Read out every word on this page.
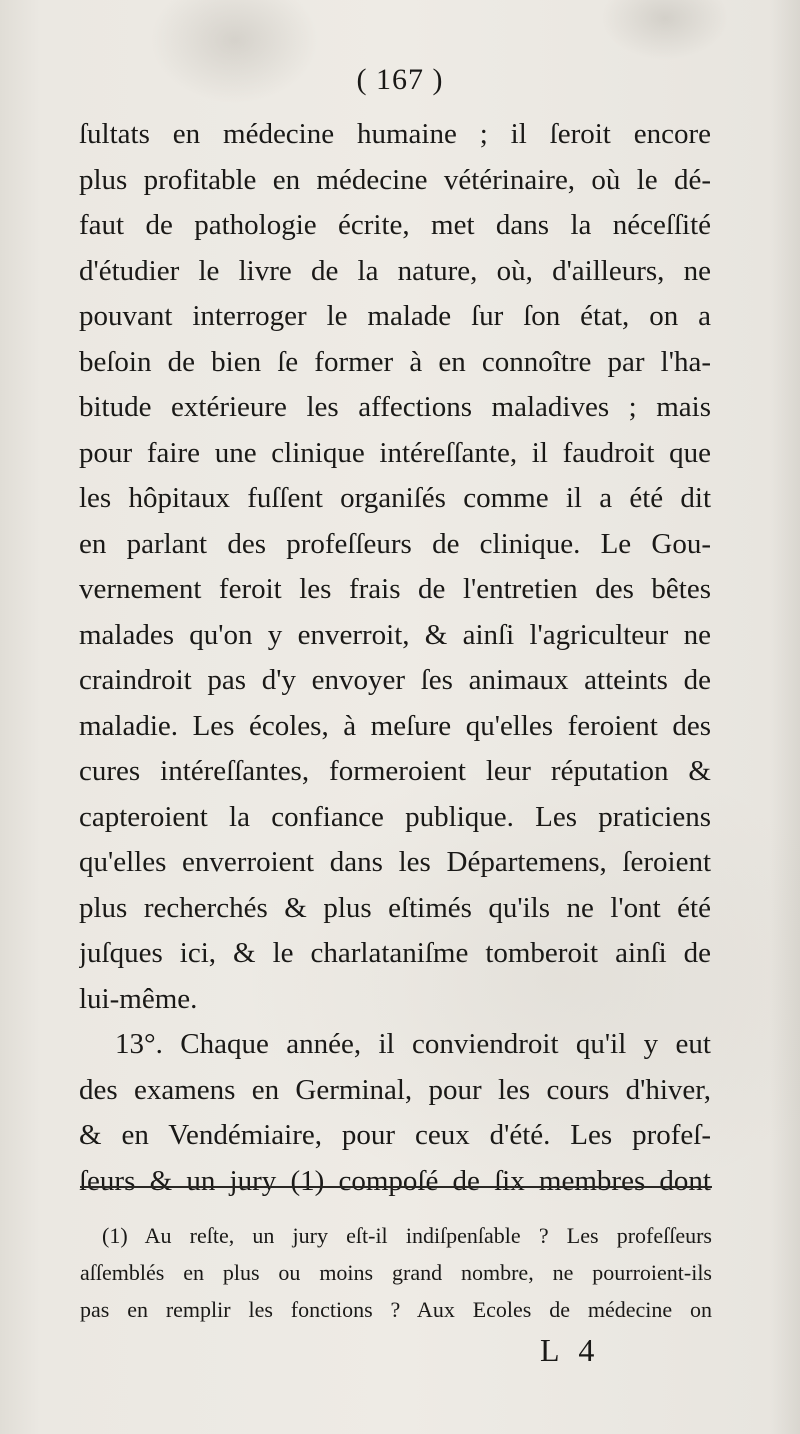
( 167 )
ſultats en médecine humaine ; il ſeroit encore
plus profitable en médecine vétérinaire, où le dé-
faut de pathologie écrite, met dans la néceſſité
d'étudier le livre de la nature, où, d'ailleurs, ne
pouvant interroger le malade ſur ſon état, on a
beſoin de bien ſe former à en connoître par l'ha-
bitude extérieure les affections maladives ; mais
pour faire une clinique intéreſſante, il faudroit que
les hôpitaux fuſſent organiſés comme il a été dit
en parlant des profeſſeurs de clinique. Le Gou-
vernement feroit les frais de l'entretien des bêtes
malades qu'on y enverroit, & ainſi l'agriculteur ne
craindroit pas d'y envoyer ſes animaux atteints de
maladie. Les écoles, à meſure qu'elles feroient des
cures intéreſſantes, formeroient leur réputation &
capteroient la confiance publique. Les praticiens
qu'elles enverroient dans les Départemens, ſeroient
plus recherchés & plus eſtimés qu'ils ne l'ont été
juſques ici, & le charlataniſme tomberoit ainſi de
lui-même.
13°. Chaque année, il conviendroit qu'il y eut
des examens en Germinal, pour les cours d'hiver,
& en Vendémiaire, pour ceux d'été. Les profeſ-
ſeurs & un jury (1) compoſé de ſix membres dont
(1) Au reſte, un jury eſt-il indiſpenſable ? Les profeſſeurs
aſſemblés en plus ou moins grand nombre, ne pourroient-ils
pas en remplir les fonctions ? Aux Ecoles de médecine on
L 4
